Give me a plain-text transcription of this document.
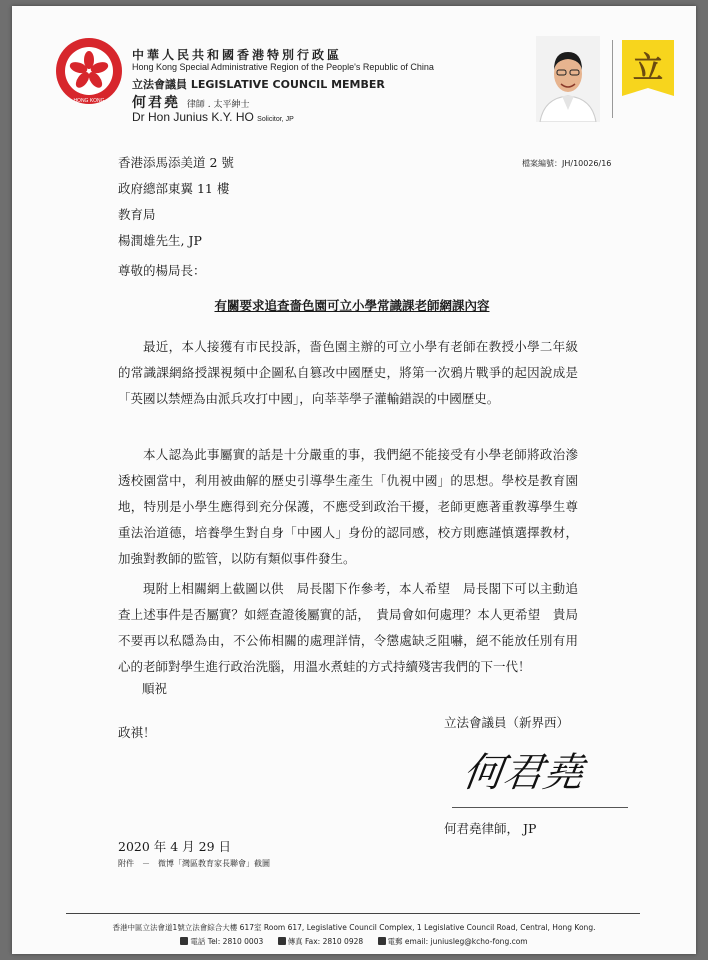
HONG KONG
中華人民共和國香港特別行政區
Hong Kong Special Administrative Region of the People's Republic of China
立法會議員 LEGISLATIVE COUNCIL MEMBER
何君堯 律師 . 太平紳士
Dr Hon Junius K.Y. HO Solicitor, JP
立
檔案編號：JH/10026/16
香港添馬添美道 2 號
政府總部東翼 11 樓
教育局
楊潤雄先生, JP
尊敬的楊局長：
有關要求追查嗇色園可立小學常識課老師網課內容
最近，本人接獲有市民投訴，嗇色園主辦的可立小學有老師在教授小學二年級的常識課網絡授課視頻中企圖私自篡改中國歷史，將第一次鴉片戰爭的起因說成是「英國以禁煙為由派兵攻打中國」，向莘莘學子灌輸錯誤的中國歷史。
本人認為此事屬實的話是十分嚴重的事，我們絕不能接受有小學老師將政治滲透校園當中，利用被曲解的歷史引導學生產生「仇視中國」的思想。學校是教育園地，特別是小學生應得到充分保護，不應受到政治干擾，老師更應著重教導學生尊重法治道德，培養學生對自身「中國人」身份的認同感，校方則應謹慎選擇教材，加強對教師的監管，以防有類似事件發生。
現附上相關網上截圖以供　局長閣下作參考，本人希望　局長閣下可以主動追查上述事件是否屬實？如經查證後屬實的話，　貴局會如何處理？本人更希望　貴局不要再以私隱為由，不公佈相關的處理詳情，令懲處缺乏阻嚇，絕不能放任別有用心的老師對學生進行政治洗腦，用溫水煮蛙的方式持續殘害我們的下一代！
順祝
政祺！
立法會議員（新界西）
何君堯
何君堯律師， JP
2020 年 4 月 29 日
附件　－　微博「灣區教育家長聯會」截圖
香港中區立法會道1號立法會綜合大樓 617室 Room 617, Legislative Council Complex, 1 Legislative Council Road, Central, Hong Kong.
電話 Tel: 2810 0003	傳真 Fax: 2810 0928	電郵 email: juniusleg@kcho-fong.com
